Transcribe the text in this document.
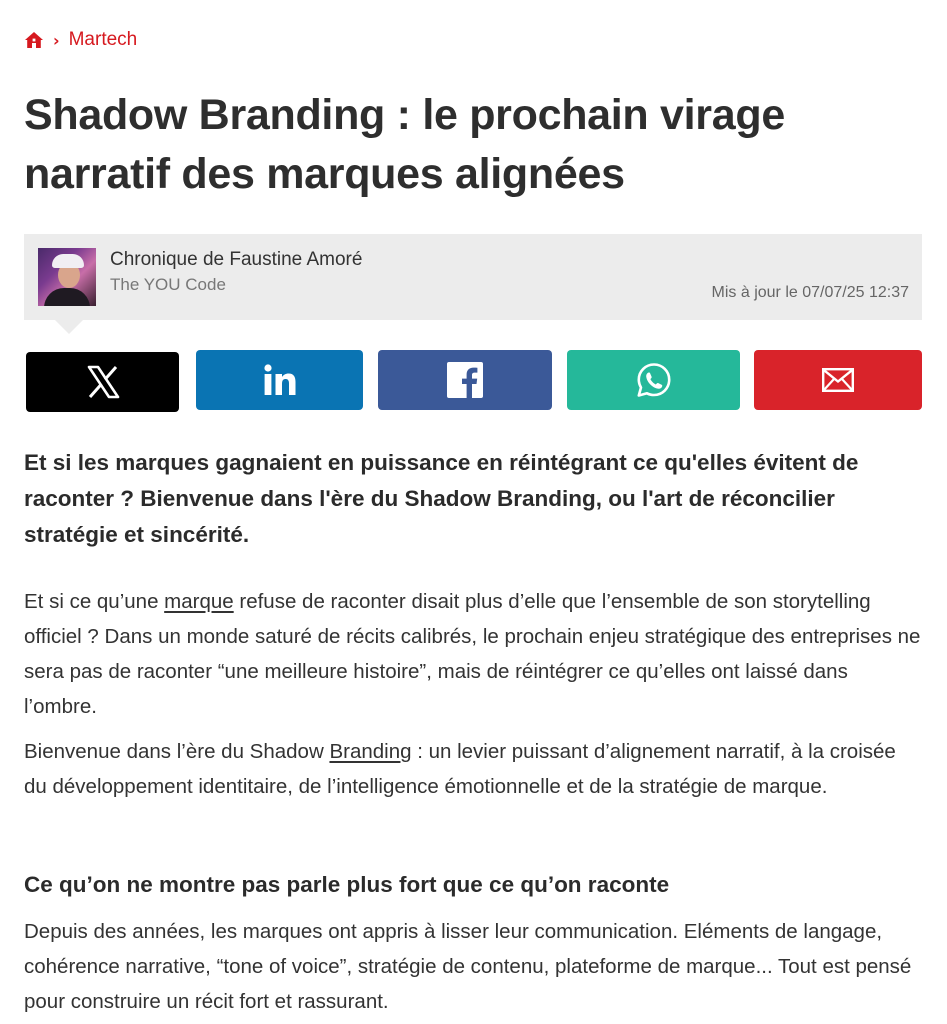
› Martech
Shadow Branding : le prochain virage narratif des marques alignées
Chronique de Faustine Amoré
The YOU Code	Mis à jour le 07/07/25 12:37

Et si les marques gagnaient en puissance en réintégrant ce qu'elles évitent de raconter ? Bienvenue dans l'ère du Shadow Branding, ou l'art de réconcilier stratégie et sincérité.

Et si ce qu’une marque refuse de raconter disait plus d’elle que l’ensemble de son storytelling officiel ? Dans un monde saturé de récits calibrés, le prochain enjeu stratégique des entreprises ne sera pas de raconter “une meilleure histoire”, mais de réintégrer ce qu’elles ont laissé dans l’ombre.

Bienvenue dans l’ère du Shadow Branding : un levier puissant d’alignement narratif, à la croisée du développement identitaire, de l’intelligence émotionnelle et de la stratégie de marque.

Ce qu’on ne montre pas parle plus fort que ce qu’on raconte

Depuis des années, les marques ont appris à lisser leur communication. Eléments de langage, cohérence narrative, “tone of voice”, stratégie de contenu, plateforme de marque... Tout est pensé pour construire un récit fort et rassurant.
